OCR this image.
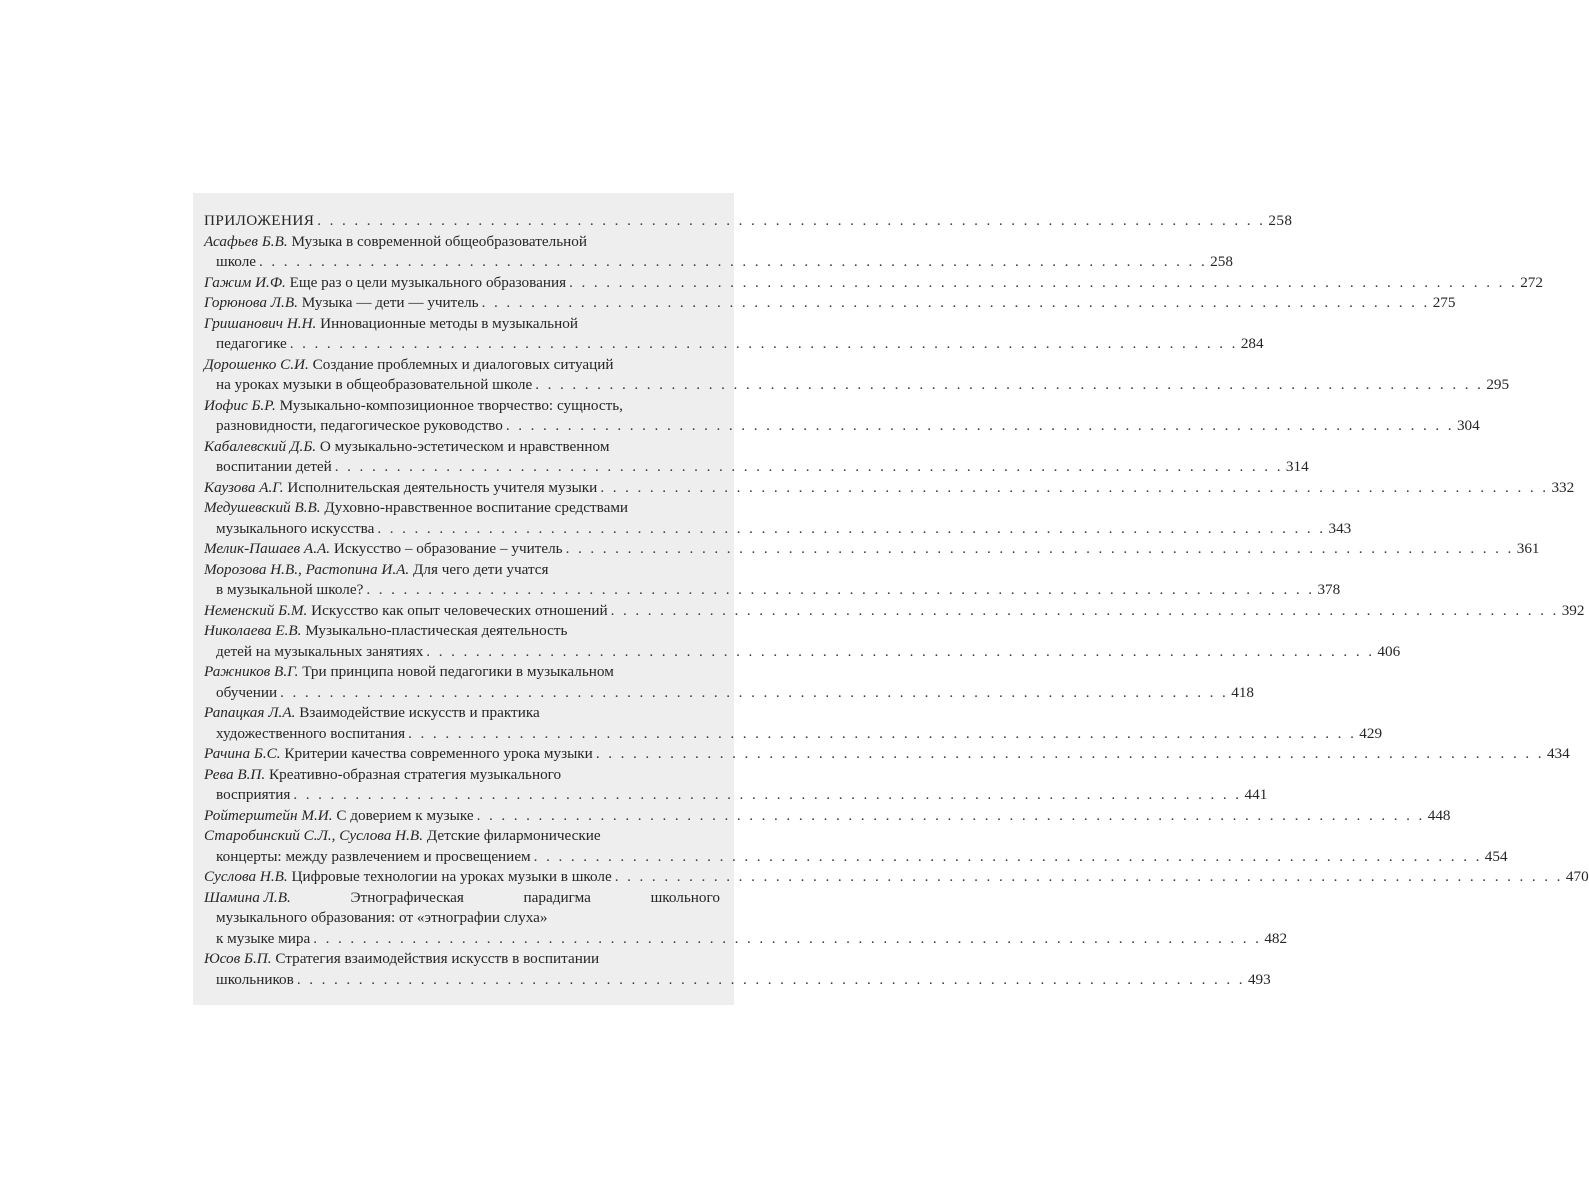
ПРИЛОЖЕНИЯ . . .	258
Асафьев Б.В. Музыка в современной общеобразовательной
школе . . .	258
Гажим И.Ф. Еще раз о цели музыкального образования . . .	272
Горюнова Л.В. Музыка — дети — учитель . . .	275
Гришанович Н.Н. Инновационные методы в музыкальной
педагогике . . .	284
Дорошенко С.И. Создание проблемных и диалоговых ситуаций
на уроках музыки в общеобразовательной школе . . .	295
Иофис Б.Р. Музыкально-композиционное творчество: сущность,
разновидности, педагогическое руководство . . .	304
Кабалевский Д.Б. О музыкально-эстетическом и нравственном
воспитании детей . . .	314
Каузова А.Г. Исполнительская деятельность учителя музыки . . .	332
Медушевский В.В. Духовно-нравственное воспитание средствами
музыкального искусства . . .	343
Мелик-Пашаев А.А. Искусство – образование – учитель . . .	361
Морозова Н.В., Растопина И.А. Для чего дети учатся
в музыкальной школе? . . .	378
Неменский Б.М. Искусство как опыт человеческих отношений . . .	392
Николаева Е.В. Музыкально-пластическая деятельность
детей на музыкальных занятиях . . .	406
Ражников В.Г. Три принципа новой педагогики в музыкальном
обучении . . .	418
Рапацкая Л.А. Взаимодействие искусств и практика
художественного воспитания . . .	429
Рачина Б.С. Критерии качества современного урока музыки . . .	434
Рева В.П. Креативно-образная стратегия музыкального
восприятия . . .	441
Ройтерштейн М.И. С доверием к музыке . . .	448
Старобинский С.Л., Суслова Н.В. Детские филармонические
концерты: между развлечением и просвещением . . .	454
Суслова Н.В. Цифровые технологии на уроках музыки в школе . . .	470
Шамина Л.В.	Этнографическая	парадигма	школьного
музыкального образования: от «этнографии слуха»
к музыке мира . . .	482
Юсов Б.П. Стратегия взаимодействия искусств в воспитании
школьников . . .	493
